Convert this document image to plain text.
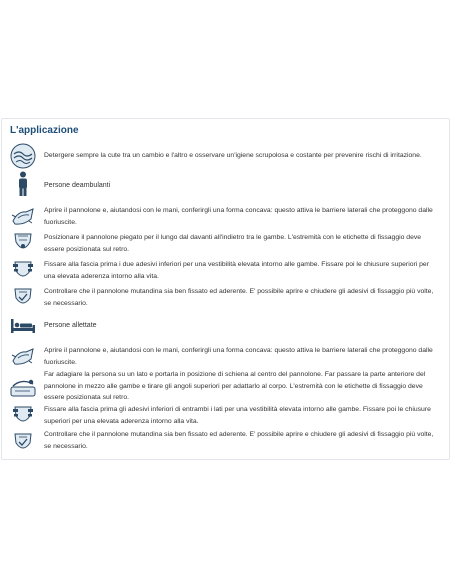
L'applicazione
Detergere sempre la cute tra un cambio e l'altro e osservare un'igiene scrupolosa e costante per prevenire rischi di irritazione.
Persone deambulanti
Aprire il pannolone e, aiutandosi con le mani, conferirgli una forma concava: questo attiva le barriere laterali che proteggono dalle fuoriuscite.
Posizionare il pannolone piegato per il lungo dal davanti all'indietro tra le gambe. L'estremità con le etichette di fissaggio deve essere posizionata sul retro.
Fissare alla fascia prima i due adesivi inferiori per una vestibilità elevata intorno alle gambe. Fissare poi le chiusure superiori per una elevata aderenza intorno alla vita.
Controllare che il pannolone mutandina sia ben fissato ed aderente. E' possibile aprire e chiudere gli adesivi di fissaggio più volte, se necessario.
Persone allettate
Aprire il pannolone e, aiutandosi con le mani, conferirgli una forma concava: questo attiva le barriere laterali che proteggono dalle fuoriuscite.
Far adagiare la persona su un lato e portarla in posizione di schiena al centro del pannolone. Far passare la parte anteriore del pannolone in mezzo alle gambe e tirare gli angoli superiori per adattarlo al corpo. L'estremità con le etichette di fissaggio deve essere posizionata sul retro.
Fissare alla fascia prima gli adesivi inferiori di entrambi i lati per una vestibilità elevata intorno alle gambe. Fissare poi le chiusure superiori per una elevata aderenza intorno alla vita.
Controllare che il pannolone mutandina sia ben fissato ed aderente. E' possibile aprire e chiudere gli adesivi di fissaggio più volte, se necessario.
